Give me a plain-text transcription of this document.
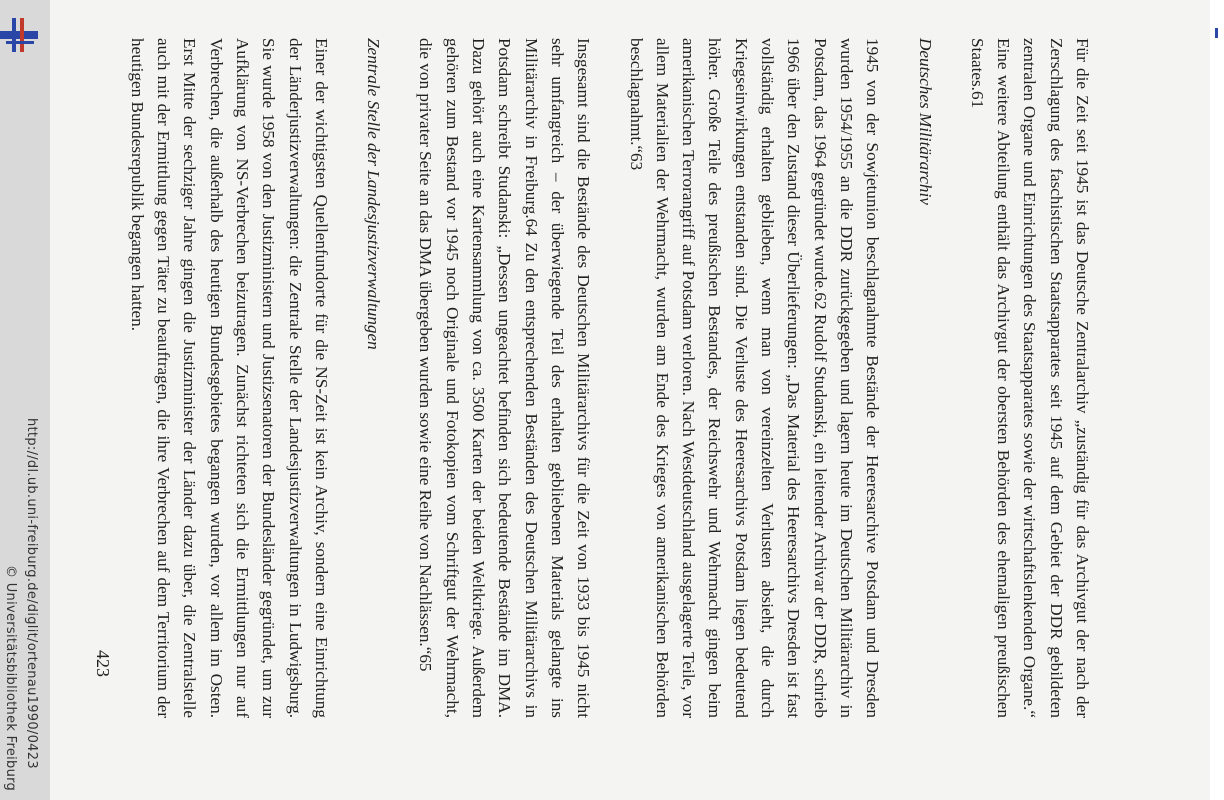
http://dl.ub.uni-freiburg.de/diglit/ortenau1990/0423
© Universitätsbibliothek Freiburg	Für die Zeit seit 1945 ist das Deutsche Zentralarchiv „zuständig für das Archivgut der nach der Zerschlagung des faschistischen Staatsapparates seit 1945 auf dem Gebiet der DDR gebildeten zentralen Organe und Einrichtungen des Staatsapparates sowie der wirtschaftslenkenden Organe.“ Eine weitere Abteilung enthält das Archivgut der obersten Behörden des ehemaligen preußischen Staates.61

Deutsches Militärarchiv

1945 von der Sowjetunion beschlagnahmte Bestände der Heeresarchive Potsdam und Dresden wurden 1954/1955 an die DDR zurückgegeben und lagern heute im Deutschen Militärarchiv in Potsdam, das 1964 gegründet wurde.62 Rudolf Studanski, ein leitender Archivar der DDR, schrieb 1966 über den Zustand dieser Überlieferungen: „Das Material des Heeresarchivs Dresden ist fast vollständig erhalten geblieben, wenn man von vereinzelten Verlusten absieht, die durch Kriegseinwirkungen entstanden sind. Die Verluste des Heeresarchivs Potsdam liegen bedeutend höher. Große Teile des preußischen Bestandes, der Reichswehr und Wehrmacht gingen beim amerikanischen Terrorangriff auf Potsdam verloren. Nach Westdeutschland ausgelagerte Teile, vor allem Materialien der Wehrmacht, wurden am Ende des Krieges von amerikanischen Behörden beschlagnahmt.“63

Insgesamt sind die Bestände des Deutschen Militärarchivs für die Zeit von 1933 bis 1945 nicht sehr umfangreich – der überwiegende Teil des erhalten gebliebenen Materials gelangte ins Militärarchiv in Freiburg.64 Zu den entsprechenden Beständen des Deutschen Militärarchivs in Potsdam schreibt Studanski: „Dessen ungeachtet befinden sich bedeutende Bestände im DMA. Dazu gehört auch eine Kartensammlung von ca. 3500 Karten der beiden Weltkriege. Außerdem gehören zum Bestand vor 1945 noch Originale und Fotokopien vom Schriftgut der Wehrmacht, die von privater Seite an das DMA übergeben wurden sowie eine Reihe von Nachlässen.“65

Zentrale Stelle der Landesjustizverwaltungen

Einer der wichtigsten Quellenfundorte für die NS-Zeit ist kein Archiv, sondern eine Einrichtung der Länderjustizverwaltungen: die Zentrale Stelle der Landesjustizverwaltungen in Ludwigsburg. Sie wurde 1958 von den Justizministern und Justizsenatoren der Bundesländer gegründet, um zur Aufklärung von NS-Verbrechen beizutragen. Zunächst richteten sich die Ermittlungen nur auf Verbrechen, die außerhalb des heutigen Bundesgebietes begangen wurden, vor allem im Osten. Erst Mitte der sechziger Jahre gingen die Justizminister der Länder dazu über, die Zentralstelle auch mit der Ermittlung gegen Täter zu beauftragen, die ihre Verbrechen auf dem Territorium der heutigen Bundesrepublik begangen hatten.

423
